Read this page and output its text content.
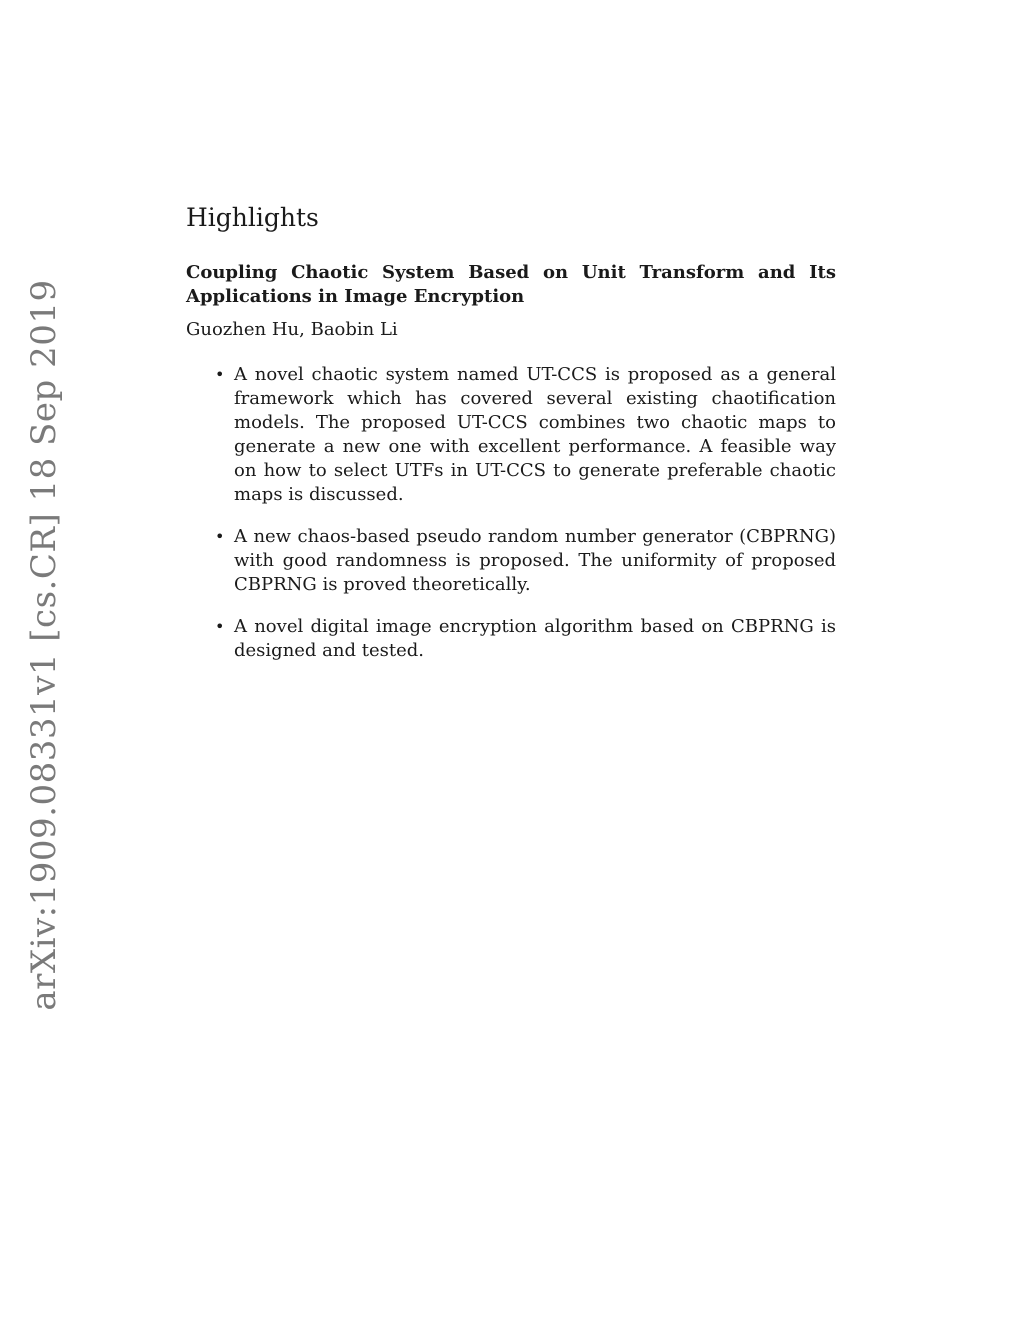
arXiv:1909.08331v1 [cs.CR] 18 Sep 2019
Highlights
Coupling Chaotic System Based on Unit Transform and Its Applications in Image Encryption
Guozhen Hu, Baobin Li
• A novel chaotic system named UT-CCS is proposed as a general framework which has covered several existing chaotification models. The proposed UT-CCS combines two chaotic maps to generate a new one with excellent performance. A feasible way on how to select UTFs in UT-CCS to generate preferable chaotic maps is discussed.
• A new chaos-based pseudo random number generator (CBPRNG) with good randomness is proposed. The uniformity of proposed CBPRNG is proved theoretically.
• A novel digital image encryption algorithm based on CBPRNG is designed and tested.
